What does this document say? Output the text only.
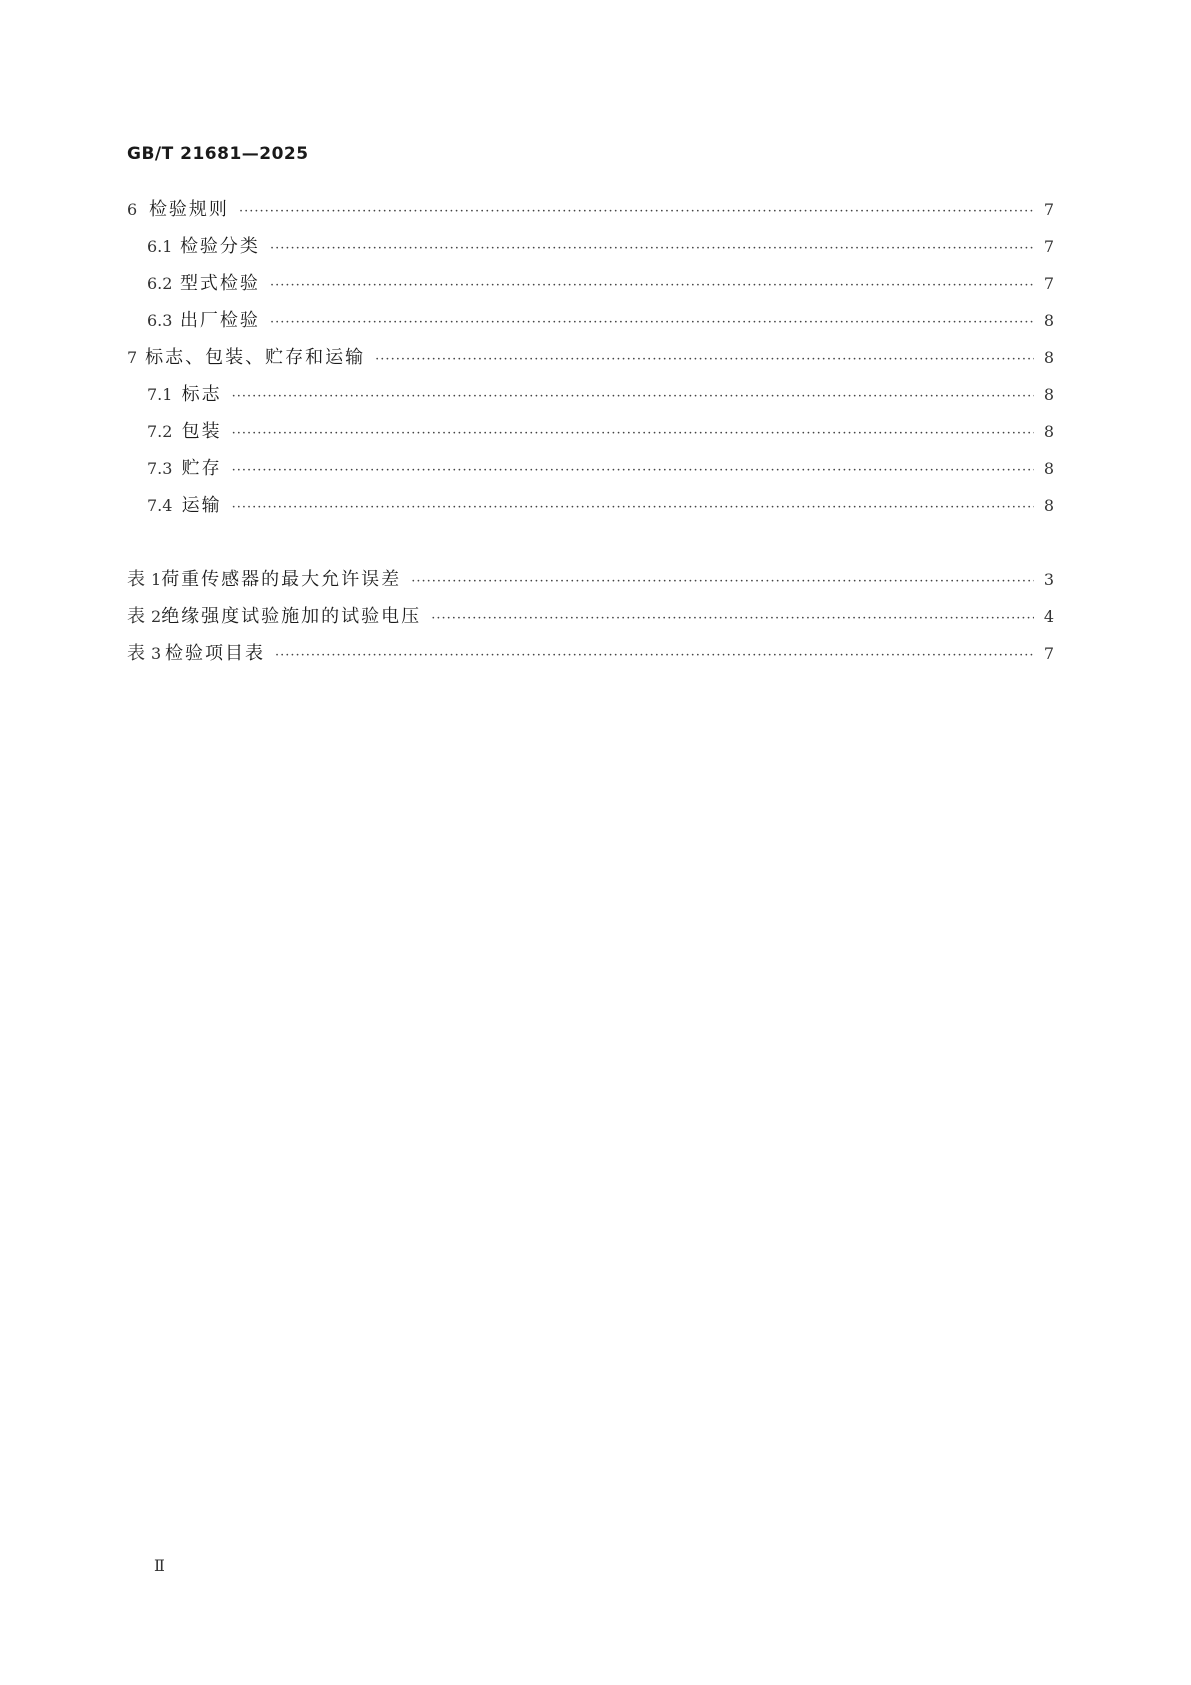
GB/T 21681—2025
6 检验规则 ·····	7
6.1 检验分类 ·····	7
6.2 型式检验 ·····	7
6.3 出厂检验 ·····	8
7 标志、包装、贮存和运输 ·····	8
7.1 标志 ·····	8
7.2 包装 ·····	8
7.3 贮存 ·····	8
7.4 运输 ·····	8
表 1 荷重传感器的最大允许误差 ·····	3
表 2 绝缘强度试验施加的试验电压 ·····	4
表 3 检验项目表 ·····	7
Ⅱ
